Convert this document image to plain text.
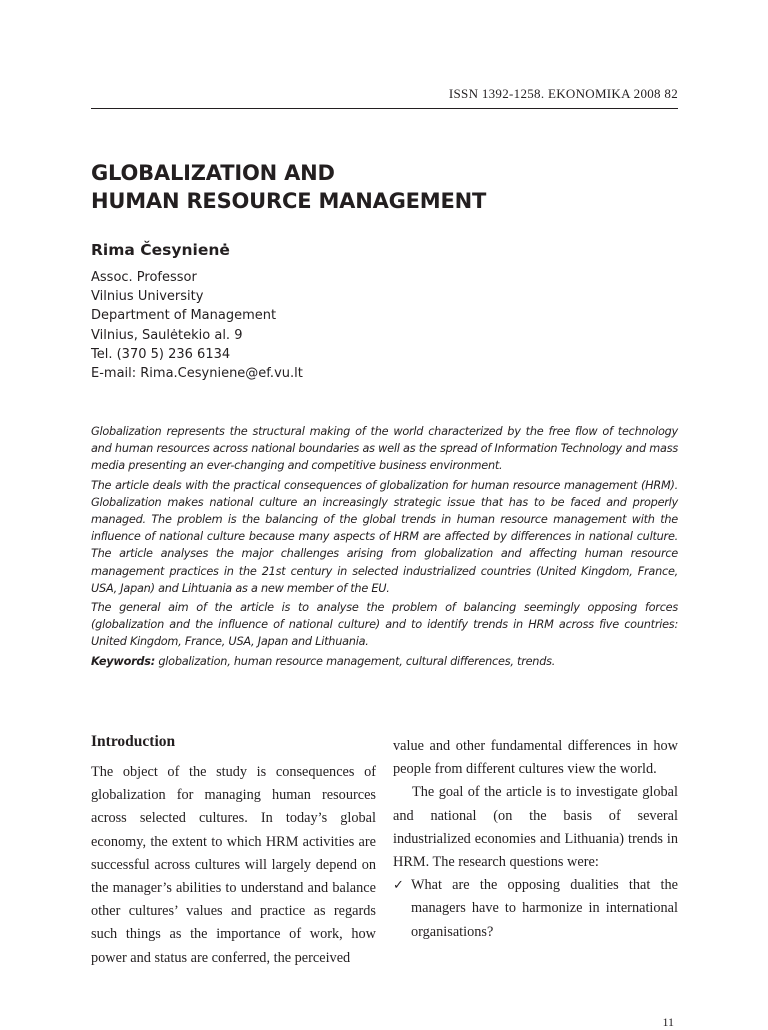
ISSN 1392-1258. EKONOMIKA 2008 82
GLOBALIZATION AND
HUMAN RESOURCE MANAGEMENT
Rima Česynienė
Assoc. Professor
Vilnius University
Department of Management
Vilnius, Saulėtekio al. 9
Tel. (370 5) 236 6134
E-mail: Rima.Cesyniene@ef.vu.lt

Globalization represents the structural making of the world characterized by the free flow of technology and human resources across national boundaries as well as the spread of Information Technology and mass media presenting an ever-changing and competitive business environment.

The article deals with the practical consequences of globalization for human resource management (HRM). Globalization makes national culture an increasingly strategic issue that has to be faced and properly managed. The problem is the balancing of the global trends in human resource management with the influence of national culture because many aspects of HRM are affected by differences in national culture. The article analyses the major challenges arising from globalization and affecting human resource management practices in the 21st century in selected industrialized countries (United Kingdom, France, USA, Japan) and Lihtuania as a new member of the EU.

The general aim of the article is to analyse the problem of balancing seemingly opposing forces (globalization and the influence of national culture) and to identify trends in HRM across five countries: United Kingdom, France, USA, Japan and Lithuania.

Keywords: globalization, human resource management, cultural differences, trends.

Introduction

The object of the study is consequences of globalization for managing human resources across selected cultures. In today’s global economy, the extent to which HRM activities are successful across cultures will largely depend on the manager’s abilities to understand and balance other cultures’ values and practice as regards such things as the importance of work, how power and status are conferred, the perceived

value and other fundamental differences in how people from different cultures view the world.

The goal of the article is to investigate global and national (on the basis of several industrialized economies and Lithuania) trends in HRM. The research questions were:

✓ What are the opposing dualities that the managers have to harmonize in international organisations?
11
